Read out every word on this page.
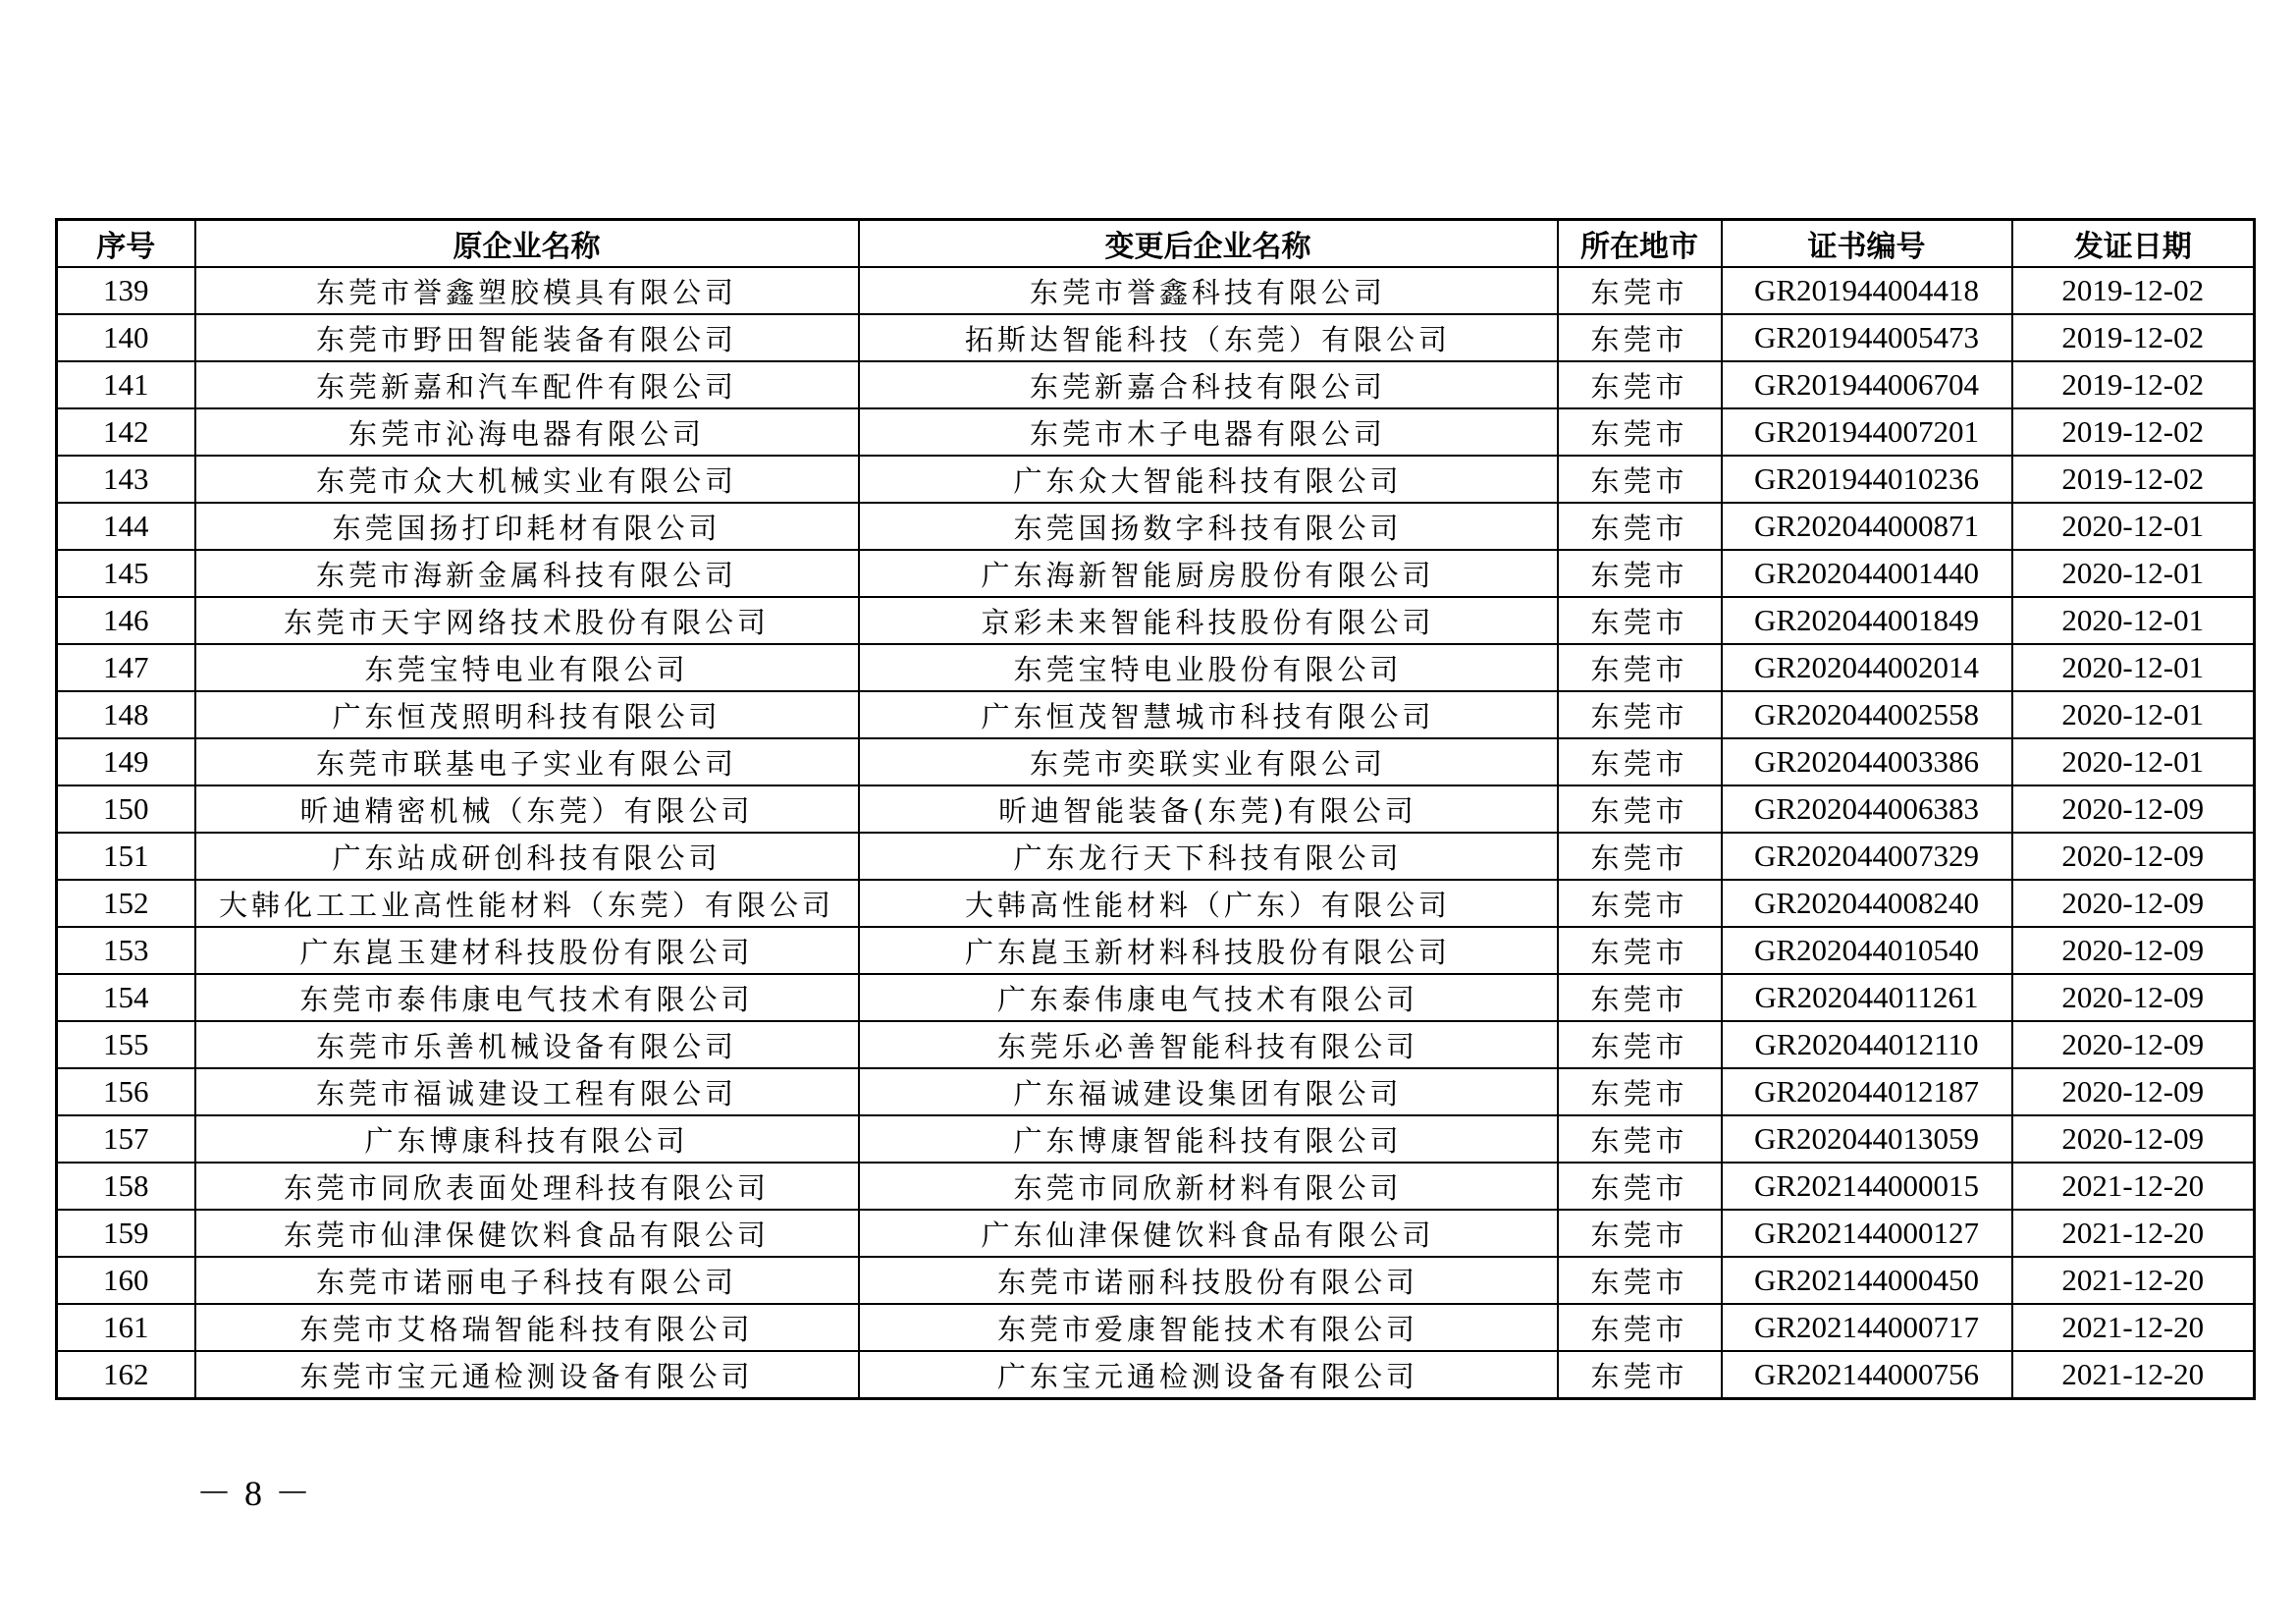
序号	原企业名称	变更后企业名称	所在地市	证书编号	发证日期
139	东莞市誉鑫塑胶模具有限公司	东莞市誉鑫科技有限公司	东莞市	GR201944004418	2019-12-02
140	东莞市野田智能装备有限公司	拓斯达智能科技（东莞）有限公司	东莞市	GR201944005473	2019-12-02
141	东莞新嘉和汽车配件有限公司	东莞新嘉合科技有限公司	东莞市	GR201944006704	2019-12-02
142	东莞市沁海电器有限公司	东莞市木子电器有限公司	东莞市	GR201944007201	2019-12-02
143	东莞市众大机械实业有限公司	广东众大智能科技有限公司	东莞市	GR201944010236	2019-12-02
144	东莞国扬打印耗材有限公司	东莞国扬数字科技有限公司	东莞市	GR202044000871	2020-12-01
145	东莞市海新金属科技有限公司	广东海新智能厨房股份有限公司	东莞市	GR202044001440	2020-12-01
146	东莞市天宇网络技术股份有限公司	京彩未来智能科技股份有限公司	东莞市	GR202044001849	2020-12-01
147	东莞宝特电业有限公司	东莞宝特电业股份有限公司	东莞市	GR202044002014	2020-12-01
148	广东恒茂照明科技有限公司	广东恒茂智慧城市科技有限公司	东莞市	GR202044002558	2020-12-01
149	东莞市联基电子实业有限公司	东莞市奕联实业有限公司	东莞市	GR202044003386	2020-12-01
150	昕迪精密机械（东莞）有限公司	昕迪智能装备(东莞)有限公司	东莞市	GR202044006383	2020-12-09
151	广东站成研创科技有限公司	广东龙行天下科技有限公司	东莞市	GR202044007329	2020-12-09
152	大韩化工工业高性能材料（东莞）有限公司	大韩高性能材料（广东）有限公司	东莞市	GR202044008240	2020-12-09
153	广东崑玉建材科技股份有限公司	广东崑玉新材料科技股份有限公司	东莞市	GR202044010540	2020-12-09
154	东莞市泰伟康电气技术有限公司	广东泰伟康电气技术有限公司	东莞市	GR202044011261	2020-12-09
155	东莞市乐善机械设备有限公司	东莞乐必善智能科技有限公司	东莞市	GR202044012110	2020-12-09
156	东莞市福诚建设工程有限公司	广东福诚建设集团有限公司	东莞市	GR202044012187	2020-12-09
157	广东博康科技有限公司	广东博康智能科技有限公司	东莞市	GR202044013059	2020-12-09
158	东莞市同欣表面处理科技有限公司	东莞市同欣新材料有限公司	东莞市	GR202144000015	2021-12-20
159	东莞市仙津保健饮料食品有限公司	广东仙津保健饮料食品有限公司	东莞市	GR202144000127	2021-12-20
160	东莞市诺丽电子科技有限公司	东莞市诺丽科技股份有限公司	东莞市	GR202144000450	2021-12-20
161	东莞市艾格瑞智能科技有限公司	东莞市爱康智能技术有限公司	东莞市	GR202144000717	2021-12-20
162	东莞市宝元通检测设备有限公司	广东宝元通检测设备有限公司	东莞市	GR202144000756	2021-12-20
－ 8 －
